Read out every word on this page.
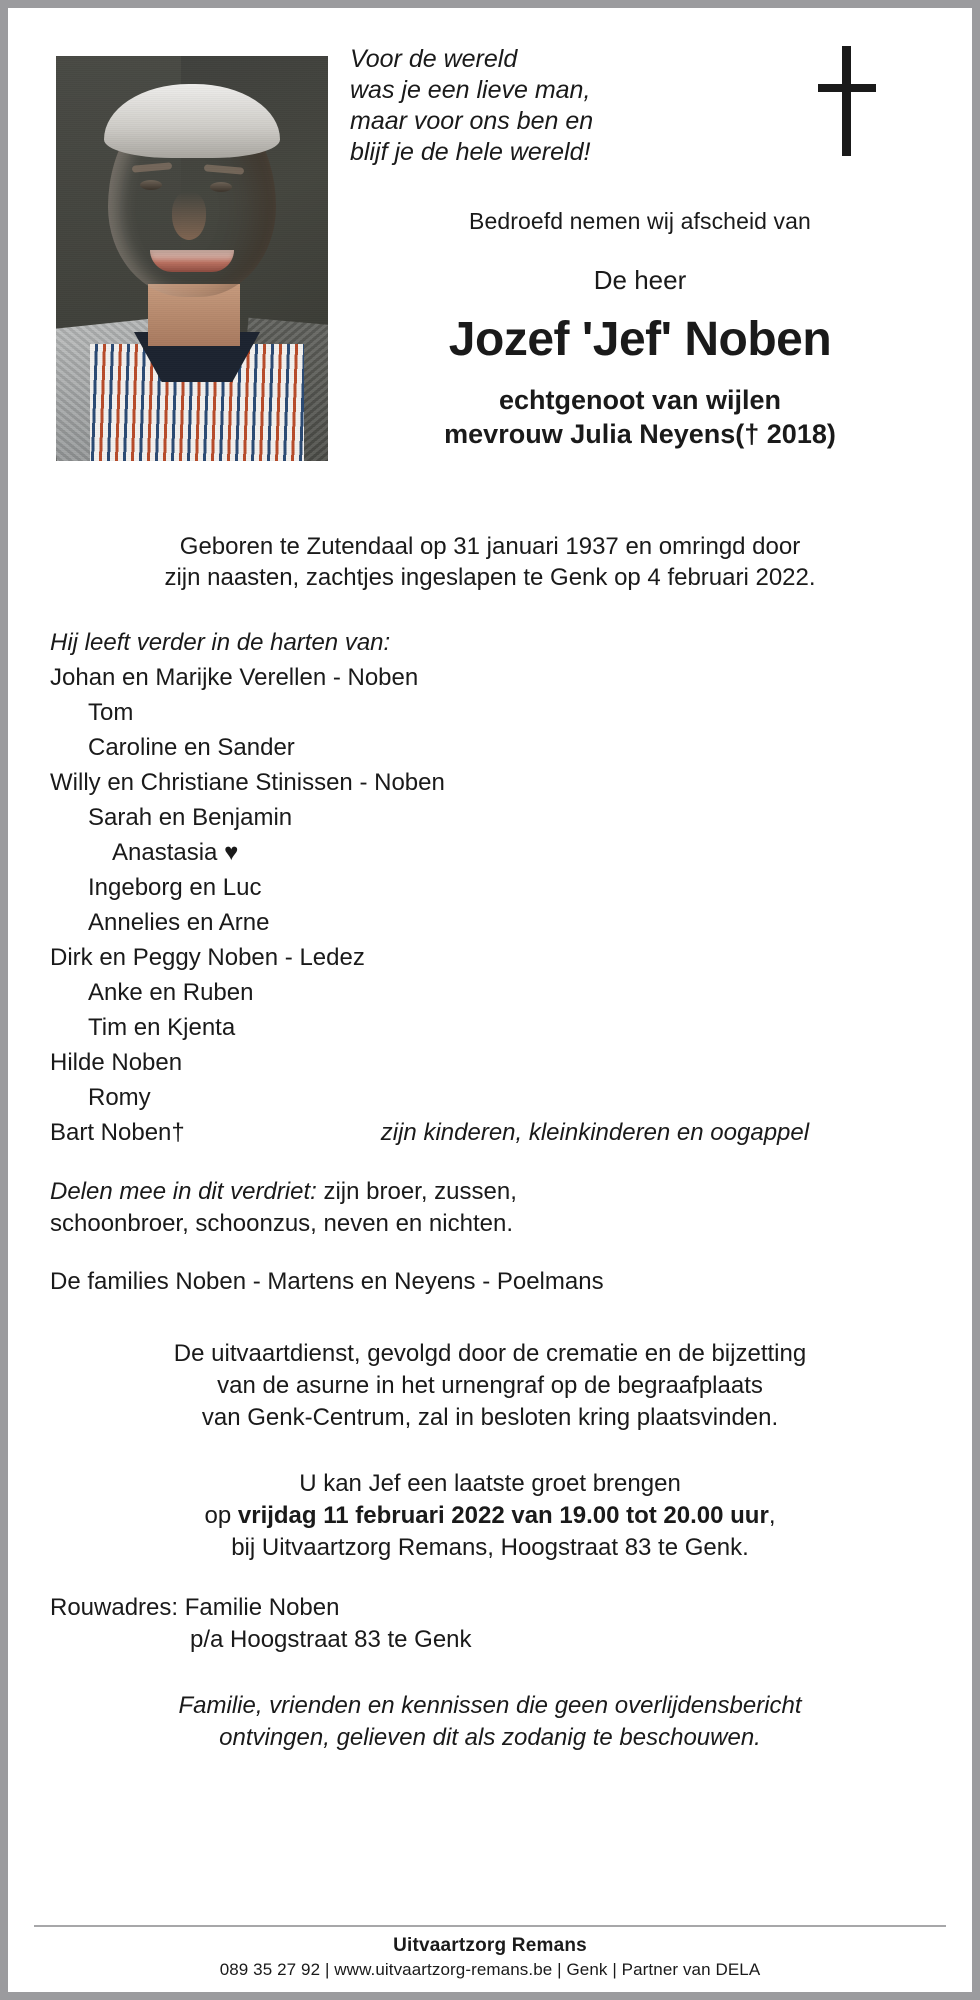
Voor de wereld
was je een lieve man,
maar voor ons ben en
blijf je de hele wereld!
Bedroefd nemen wij afscheid van
De heer
Jozef 'Jef' Noben
echtgenoot van wijlen
mevrouw Julia Neyens(† 2018)
Geboren te Zutendaal op 31 januari 1937 en omringd door
zijn naasten, zachtjes ingeslapen te Genk op 4 februari 2022.
Hij leeft verder in de harten van:
Johan en Marijke Verellen - Noben
Tom
Caroline en Sander
Willy en Christiane Stinissen - Noben
Sarah en Benjamin
Anastasia ♥
Ingeborg en Luc
Annelies en Arne
Dirk en Peggy Noben - Ledez
Anke en Ruben
Tim en Kjenta
Hilde Noben
Romy
Bart Noben†	zijn kinderen, kleinkinderen en oogappel
Delen mee in dit verdriet: zijn broer, zussen,
schoonbroer, schoonzus, neven en nichten.
De families Noben - Martens en Neyens - Poelmans
De uitvaartdienst, gevolgd door de crematie en de bijzetting
van de asurne in het urnengraf op de begraafplaats
van Genk-Centrum, zal in besloten kring plaatsvinden.
U kan Jef een laatste groet brengen
op vrijdag 11 februari 2022 van 19.00 tot 20.00 uur,
bij Uitvaartzorg Remans, Hoogstraat 83 te Genk.
Rouwadres: Familie Noben
p/a Hoogstraat 83 te Genk
Familie, vrienden en kennissen die geen overlijdensbericht
ontvingen, gelieven dit als zodanig te beschouwen.
Uitvaartzorg Remans
089 35 27 92 | www.uitvaartzorg-remans.be | Genk | Partner van DELA
